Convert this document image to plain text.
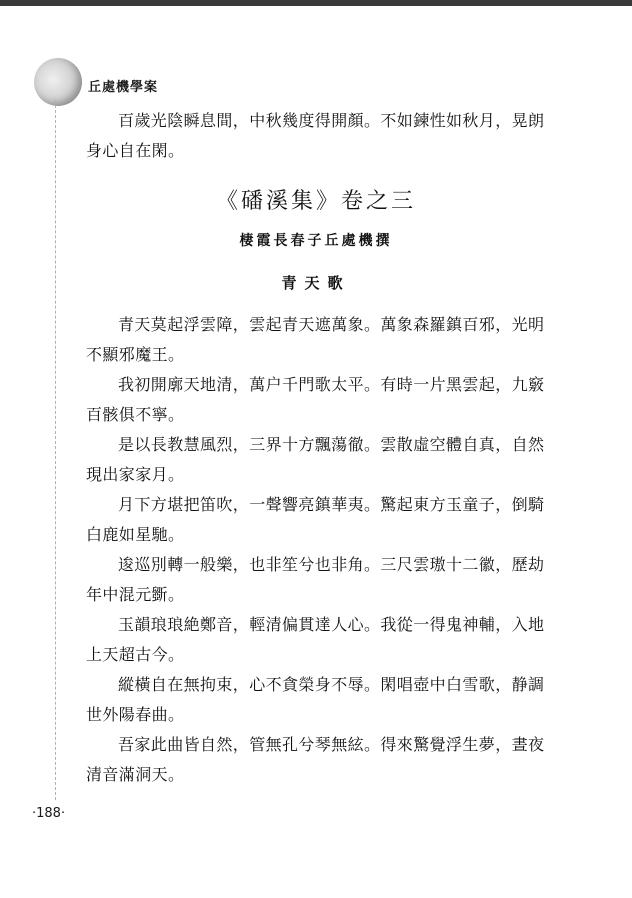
丘處機學案

百歲光陰瞬息間，中秋幾度得開顏。不如鍊性如秋月，晃朗身心自在閑。

《磻溪集》卷之三
棲霞長春子丘處機撰
青天歌

青天莫起浮雲障，雲起青天遮萬象。萬象森羅鎮百邪，光明不顯邪魔王。

我初開廓天地清，萬户千門歌太平。有時一片黑雲起，九竅百骸俱不寧。

是以長教慧風烈，三界十方飄蕩徹。雲散虛空體自真，自然現出家家月。

月下方堪把笛吹，一聲響亮鎮華夷。驚起東方玉童子，倒騎白鹿如星馳。

逡巡別轉一般樂，也非笙兮也非角。三尺雲璈十二徽，歷劫年中混元斵。

玉韻琅琅絶鄭音，輕清偏貫達人心。我從一得鬼神輔，入地上天超古今。

縱橫自在無拘束，心不貪榮身不辱。閑唱壺中白雪歌，静調世外陽春曲。

吾家此曲皆自然，管無孔兮琴無絃。得來驚覺浮生夢，晝夜清音滿洞天。

·188·
